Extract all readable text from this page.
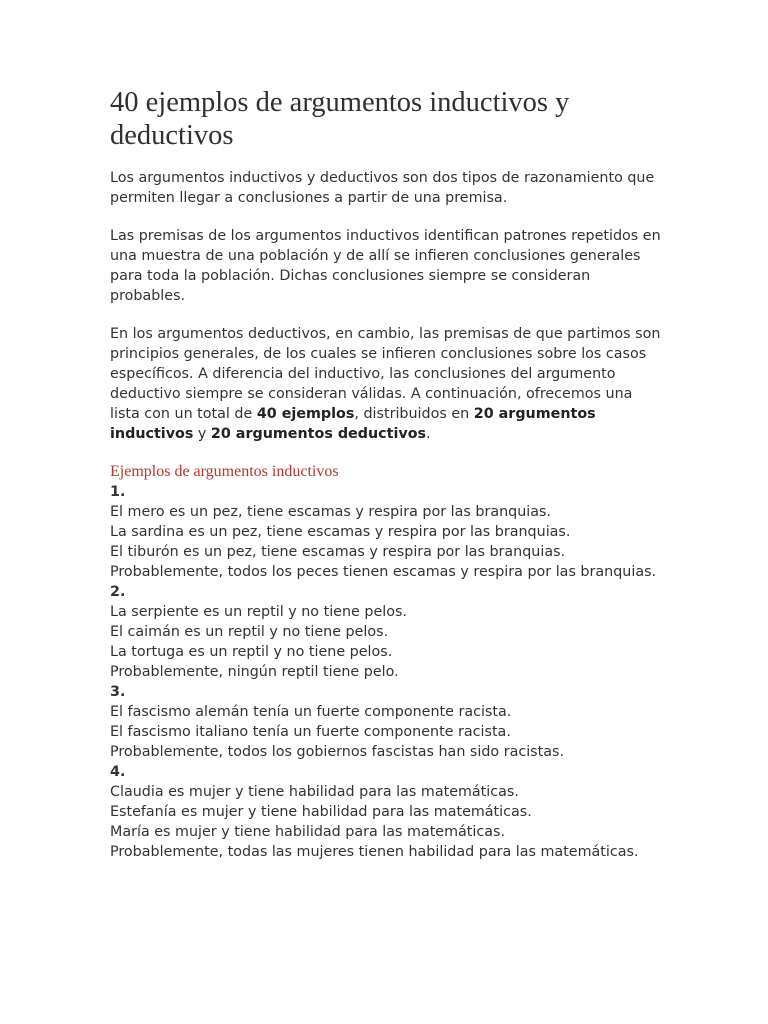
40 ejemplos de argumentos inductivos y deductivos

Los argumentos inductivos y deductivos son dos tipos de razonamiento que permiten llegar a conclusiones a partir de una premisa.

Las premisas de los argumentos inductivos identifican patrones repetidos en una muestra de una población y de allí se infieren conclusiones generales para toda la población. Dichas conclusiones siempre se consideran probables.

En los argumentos deductivos, en cambio, las premisas de que partimos son principios generales, de los cuales se infieren conclusiones sobre los casos específicos. A diferencia del inductivo, las conclusiones del argumento deductivo siempre se consideran válidas. A continuación, ofrecemos una lista con un total de 40 ejemplos, distribuidos en 20 argumentos inductivos y 20 argumentos deductivos.

Ejemplos de argumentos inductivos

1.

El mero es un pez, tiene escamas y respira por las branquias.

La sardina es un pez, tiene escamas y respira por las branquias.

El tiburón es un pez, tiene escamas y respira por las branquias.

Probablemente, todos los peces tienen escamas y respira por las branquias.

2.

La serpiente es un reptil y no tiene pelos.

El caimán es un reptil y no tiene pelos.

La tortuga es un reptil y no tiene pelos.

Probablemente, ningún reptil tiene pelo.

3.

El fascismo alemán tenía un fuerte componente racista.

El fascismo italiano tenía un fuerte componente racista.

Probablemente, todos los gobiernos fascistas han sido racistas.

4.

Claudia es mujer y tiene habilidad para las matemáticas.

Estefanía es mujer y tiene habilidad para las matemáticas.

María es mujer y tiene habilidad para las matemáticas.

Probablemente, todas las mujeres tienen habilidad para las matemáticas.
